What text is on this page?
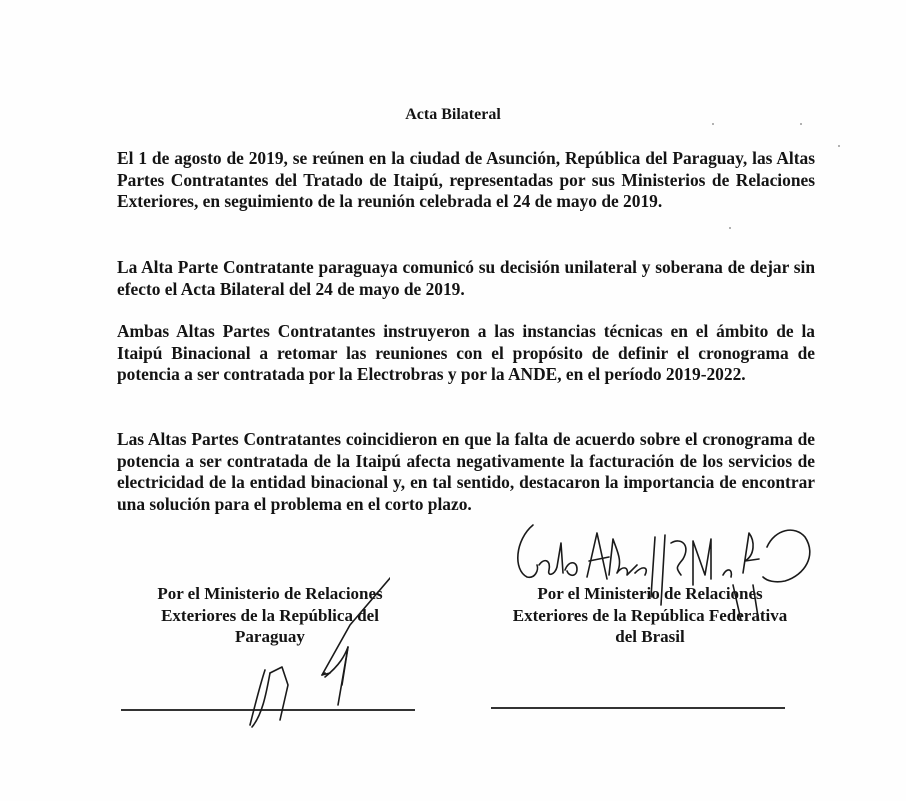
Acta Bilateral

El 1 de agosto de 2019, se reúnen en la ciudad de Asunción, República del Paraguay, las Altas Partes Contratantes del Tratado de Itaipú, representadas por sus Ministerios de Relaciones Exteriores, en seguimiento de la reunión celebrada el 24 de mayo de 2019.

La Alta Parte Contratante paraguaya comunicó su decisión unilateral y soberana de dejar sin efecto el Acta Bilateral del 24 de mayo de 2019.

Ambas Altas Partes Contratantes instruyeron a las instancias técnicas en el ámbito de la Itaipú Binacional a retomar las reuniones con el propósito de definir el cronograma de potencia a ser contratada por la Electrobras y por la ANDE, en el período 2019-2022.

Las Altas Partes Contratantes coincidieron en que la falta de acuerdo sobre el cronograma de potencia a ser contratada de la Itaipú afecta negativamente la facturación de los servicios de electricidad de la entidad binacional y, en tal sentido, destacaron la importancia de encontrar una solución para el problema en el corto plazo.

Por el Ministerio de Relaciones
Exteriores de la República del
Paraguay
Por el Ministerio de Relaciones
Exteriores de la República Federativa
del Brasil
